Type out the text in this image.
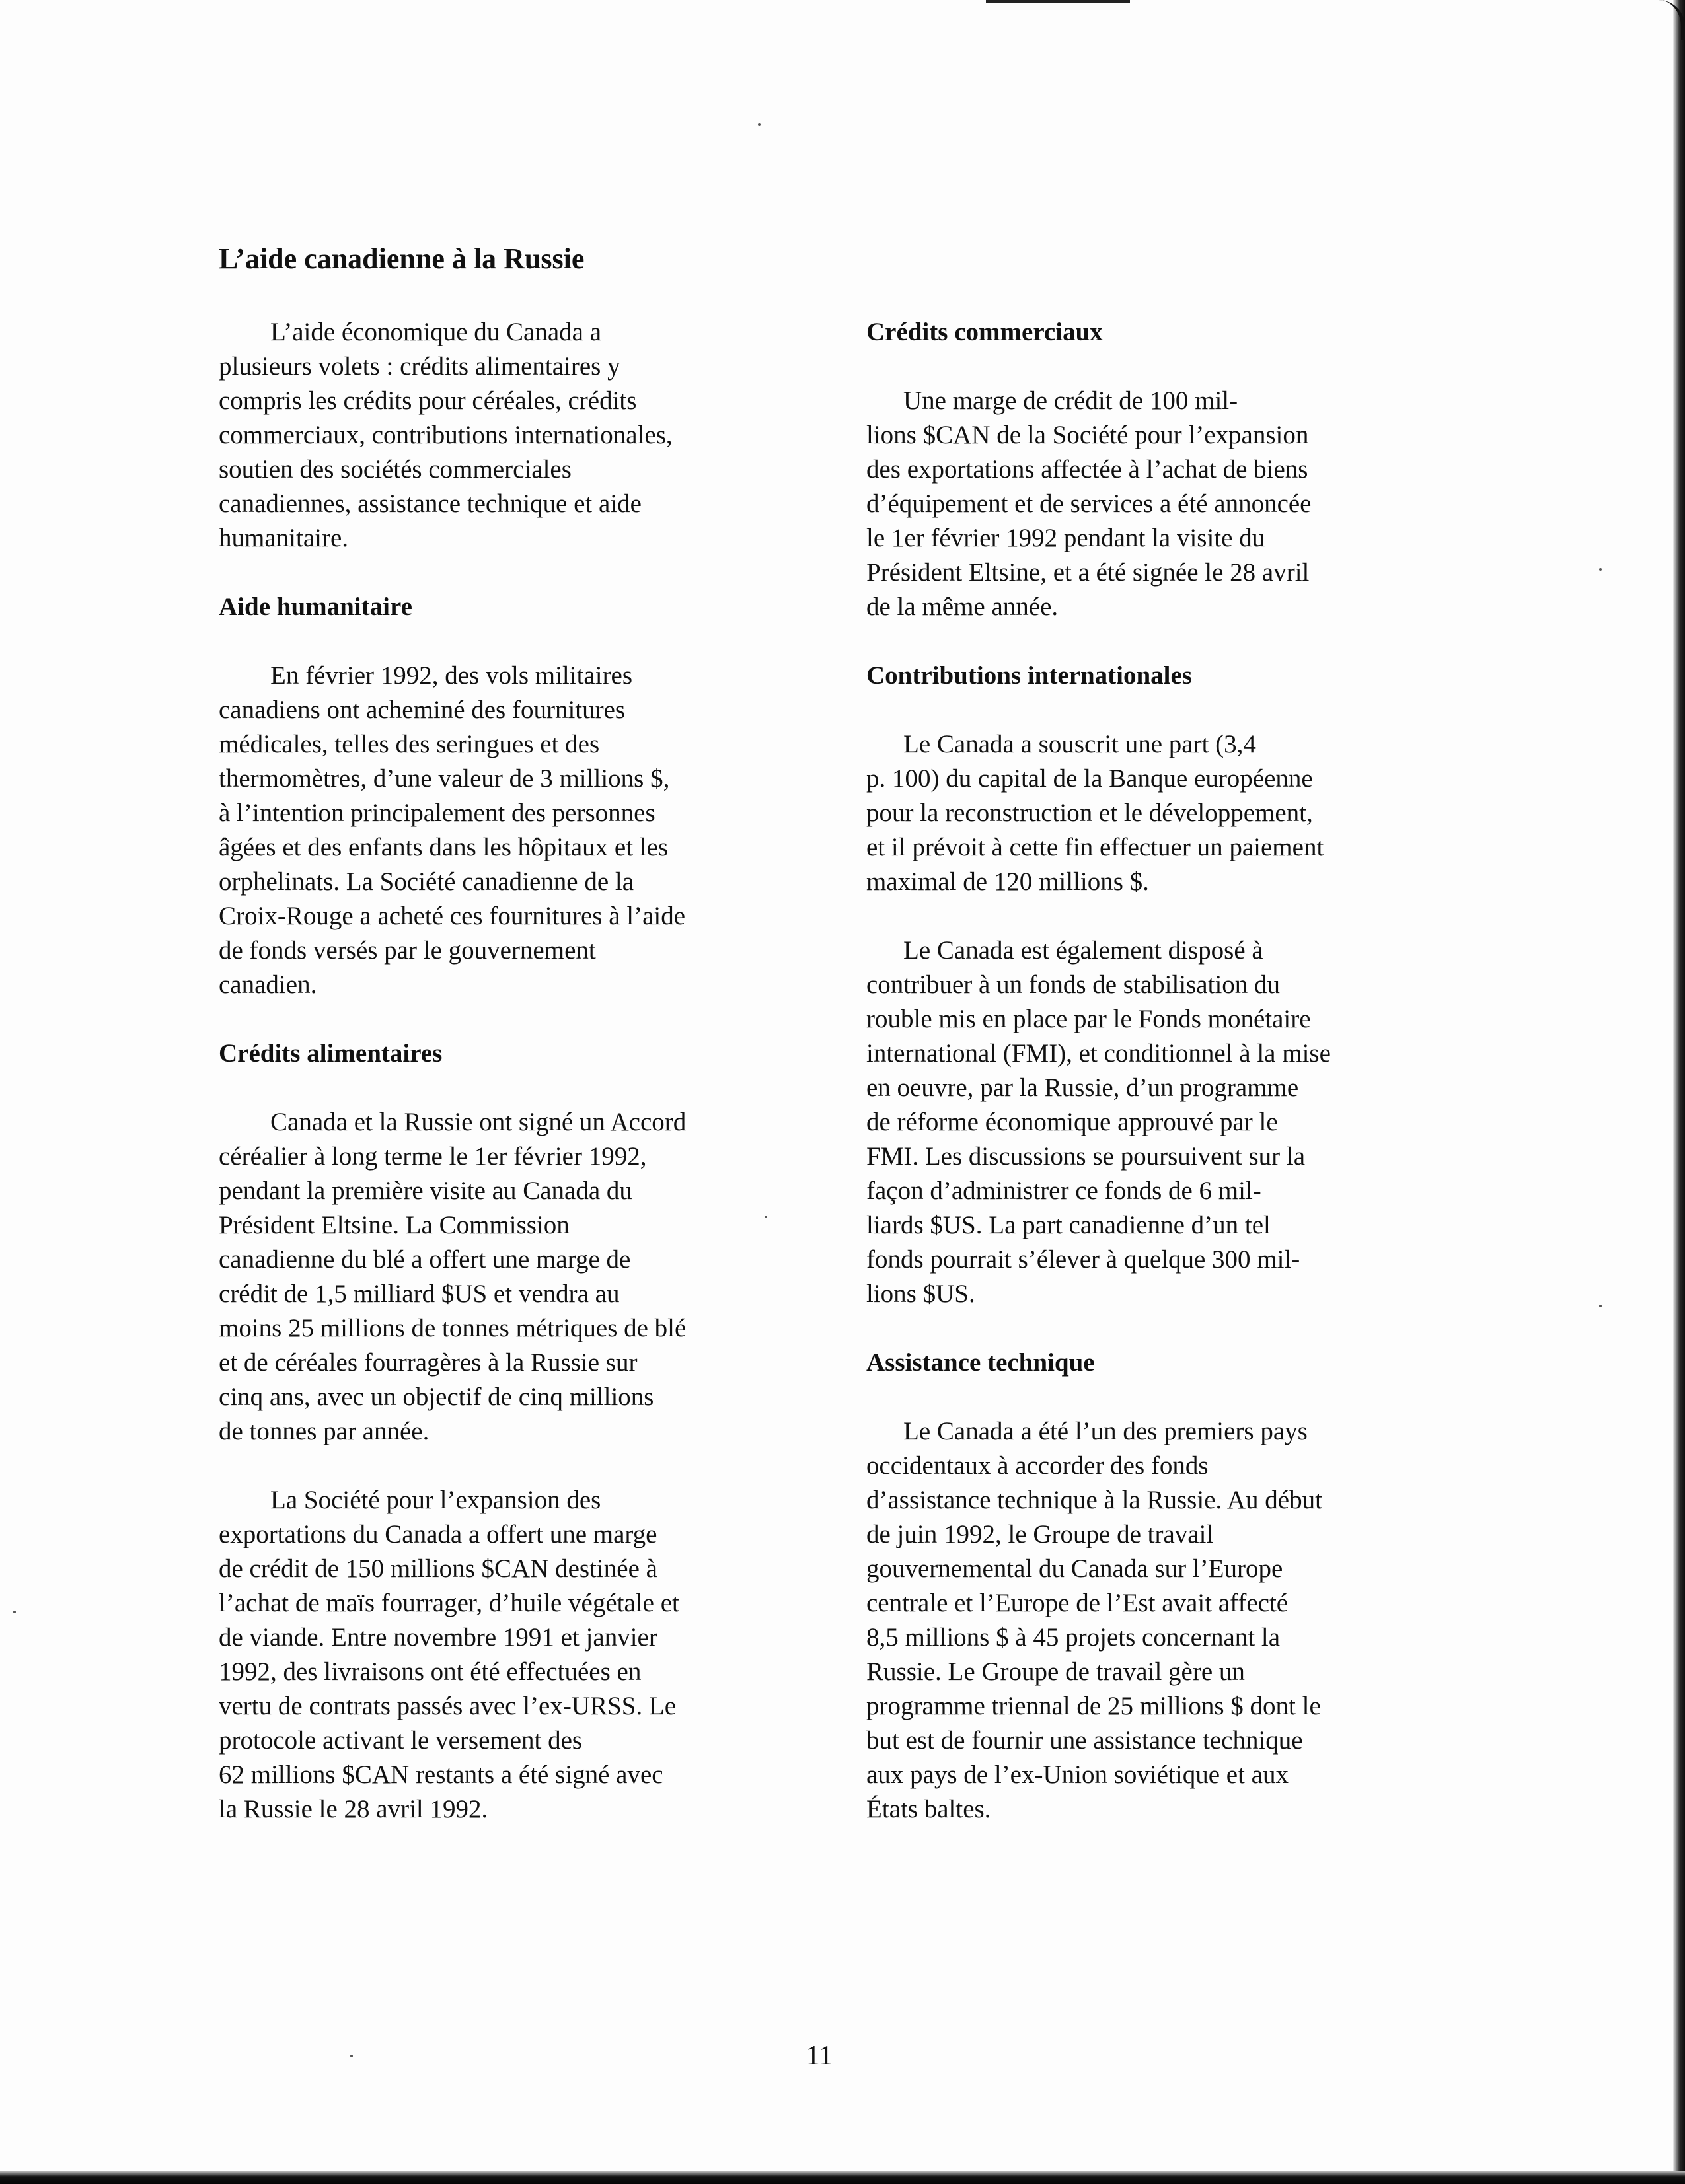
L’aide canadienne à la Russie

L’aide économique du Canada a
plusieurs volets : crédits alimentaires y
compris les crédits pour céréales, crédits
commerciaux, contributions internationales,
soutien des sociétés commerciales
canadiennes, assistance technique et aide
humanitaire.

Aide humanitaire

En février 1992, des vols militaires
canadiens ont acheminé des fournitures
médicales, telles des seringues et des
thermomètres, d’une valeur de 3 millions $,
à l’intention principalement des personnes
âgées et des enfants dans les hôpitaux et les
orphelinats. La Société canadienne de la
Croix-Rouge a acheté ces fournitures à l’aide
de fonds versés par le gouvernement
canadien.

Crédits alimentaires

Canada et la Russie ont signé un Accord
céréalier à long terme le 1er février 1992,
pendant la première visite au Canada du
Président Eltsine. La Commission
canadienne du blé a offert une marge de
crédit de 1,5 milliard $US et vendra au
moins 25 millions de tonnes métriques de blé
et de céréales fourragères à la Russie sur
cinq ans, avec un objectif de cinq millions
de tonnes par année.

La Société pour l’expansion des
exportations du Canada a offert une marge
de crédit de 150 millions $CAN destinée à
l’achat de maïs fourrager, d’huile végétale et
de viande. Entre novembre 1991 et janvier
1992, des livraisons ont été effectuées en
vertu de contrats passés avec l’ex-URSS. Le
protocole activant le versement des
62 millions $CAN restants a été signé avec
la Russie le 28 avril 1992.

Crédits commerciaux

Une marge de crédit de 100 mil-
lions $CAN de la Société pour l’expansion
des exportations affectée à l’achat de biens
d’équipement et de services a été annoncée
le 1er février 1992 pendant la visite du
Président Eltsine, et a été signée le 28 avril
de la même année.

Contributions internationales

Le Canada a souscrit une part (3,4
p. 100) du capital de la Banque européenne
pour la reconstruction et le développement,
et il prévoit à cette fin effectuer un paiement
maximal de 120 millions $.

Le Canada est également disposé à
contribuer à un fonds de stabilisation du
rouble mis en place par le Fonds monétaire
international (FMI), et conditionnel à la mise
en oeuvre, par la Russie, d’un programme
de réforme économique approuvé par le
FMI. Les discussions se poursuivent sur la
façon d’administrer ce fonds de 6 mil-
liards $US. La part canadienne d’un tel
fonds pourrait s’élever à quelque 300 mil-
lions $US.

Assistance technique

Le Canada a été l’un des premiers pays
occidentaux à accorder des fonds
d’assistance technique à la Russie. Au début
de juin 1992, le Groupe de travail
gouvernemental du Canada sur l’Europe
centrale et l’Europe de l’Est avait affecté
8,5 millions $ à 45 projets concernant la
Russie. Le Groupe de travail gère un
programme triennal de 25 millions $ dont le
but est de fournir une assistance technique
aux pays de l’ex-Union soviétique et aux
États baltes.

11
